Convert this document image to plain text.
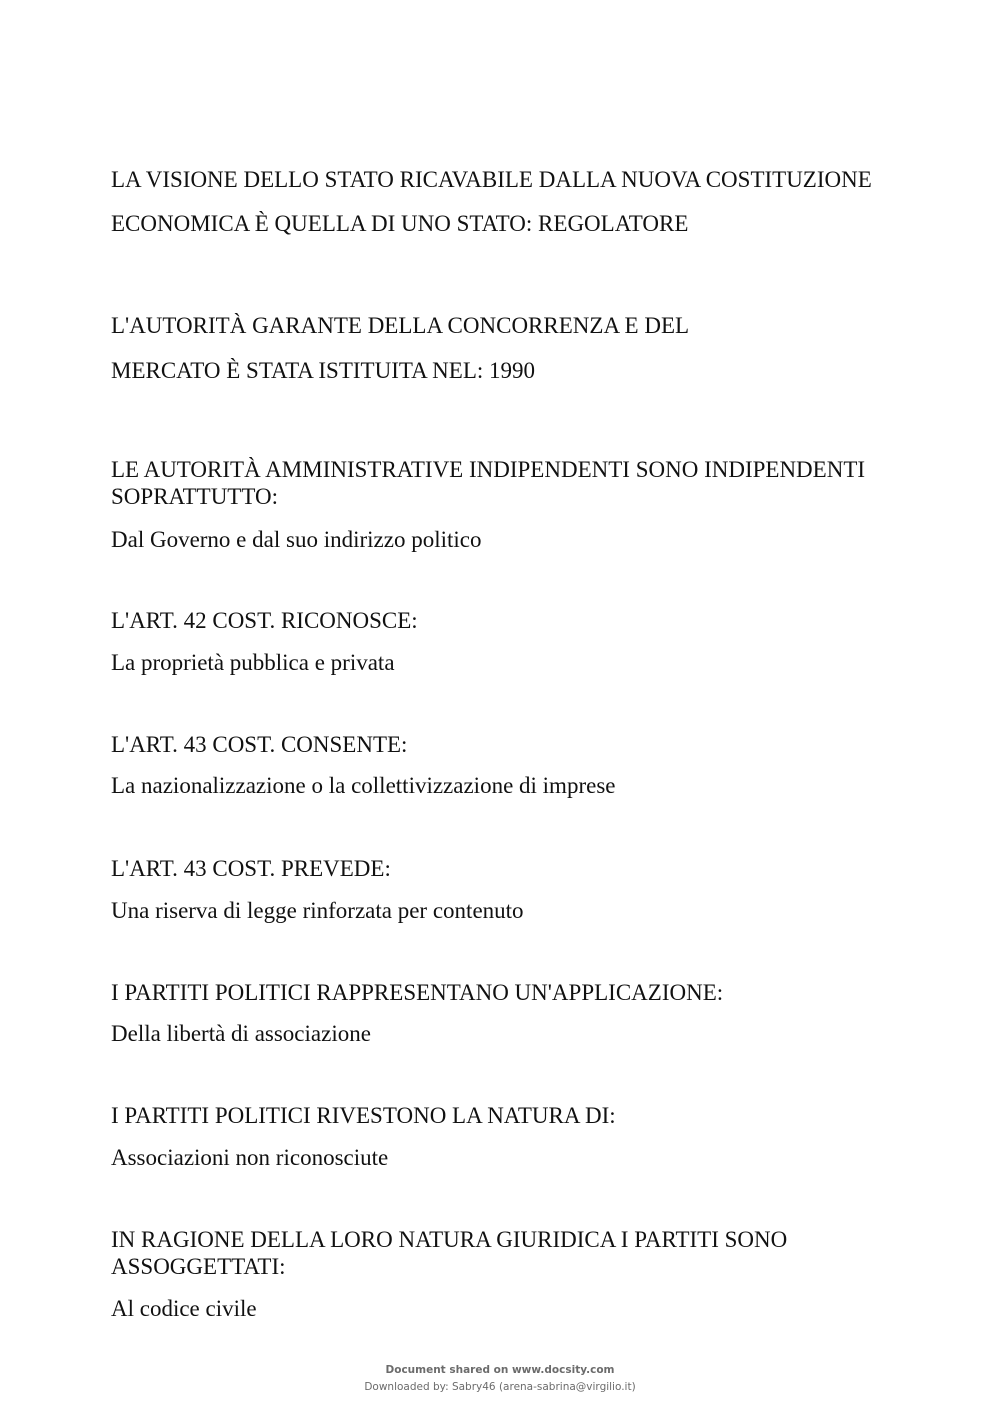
LA VISIONE DELLO STATO RICAVABILE DALLA NUOVA COSTITUZIONE

ECONOMICA È QUELLA DI UNO STATO: REGOLATORE

L'AUTORITÀ GARANTE DELLA CONCORRENZA E DEL

MERCATO È STATA ISTITUITA NEL: 1990

LE AUTORITÀ AMMINISTRATIVE INDIPENDENTI SONO INDIPENDENTI

SOPRATTUTTO:

Dal Governo e dal suo indirizzo politico

L'ART. 42 COST. RICONOSCE:

La proprietà pubblica e privata

L'ART. 43 COST. CONSENTE:

La nazionalizzazione o la collettivizzazione di imprese

L'ART. 43 COST. PREVEDE:

Una riserva di legge rinforzata per contenuto

I PARTITI POLITICI RAPPRESENTANO UN'APPLICAZIONE:

Della libertà di associazione

I PARTITI POLITICI RIVESTONO LA NATURA DI:

Associazioni non riconosciute

IN RAGIONE DELLA LORO NATURA GIURIDICA I PARTITI SONO

ASSOGGETTATI:

Al codice civile

Document shared on www.docsity.com

Downloaded by: Sabry46 (arena-sabrina@virgilio.it)
